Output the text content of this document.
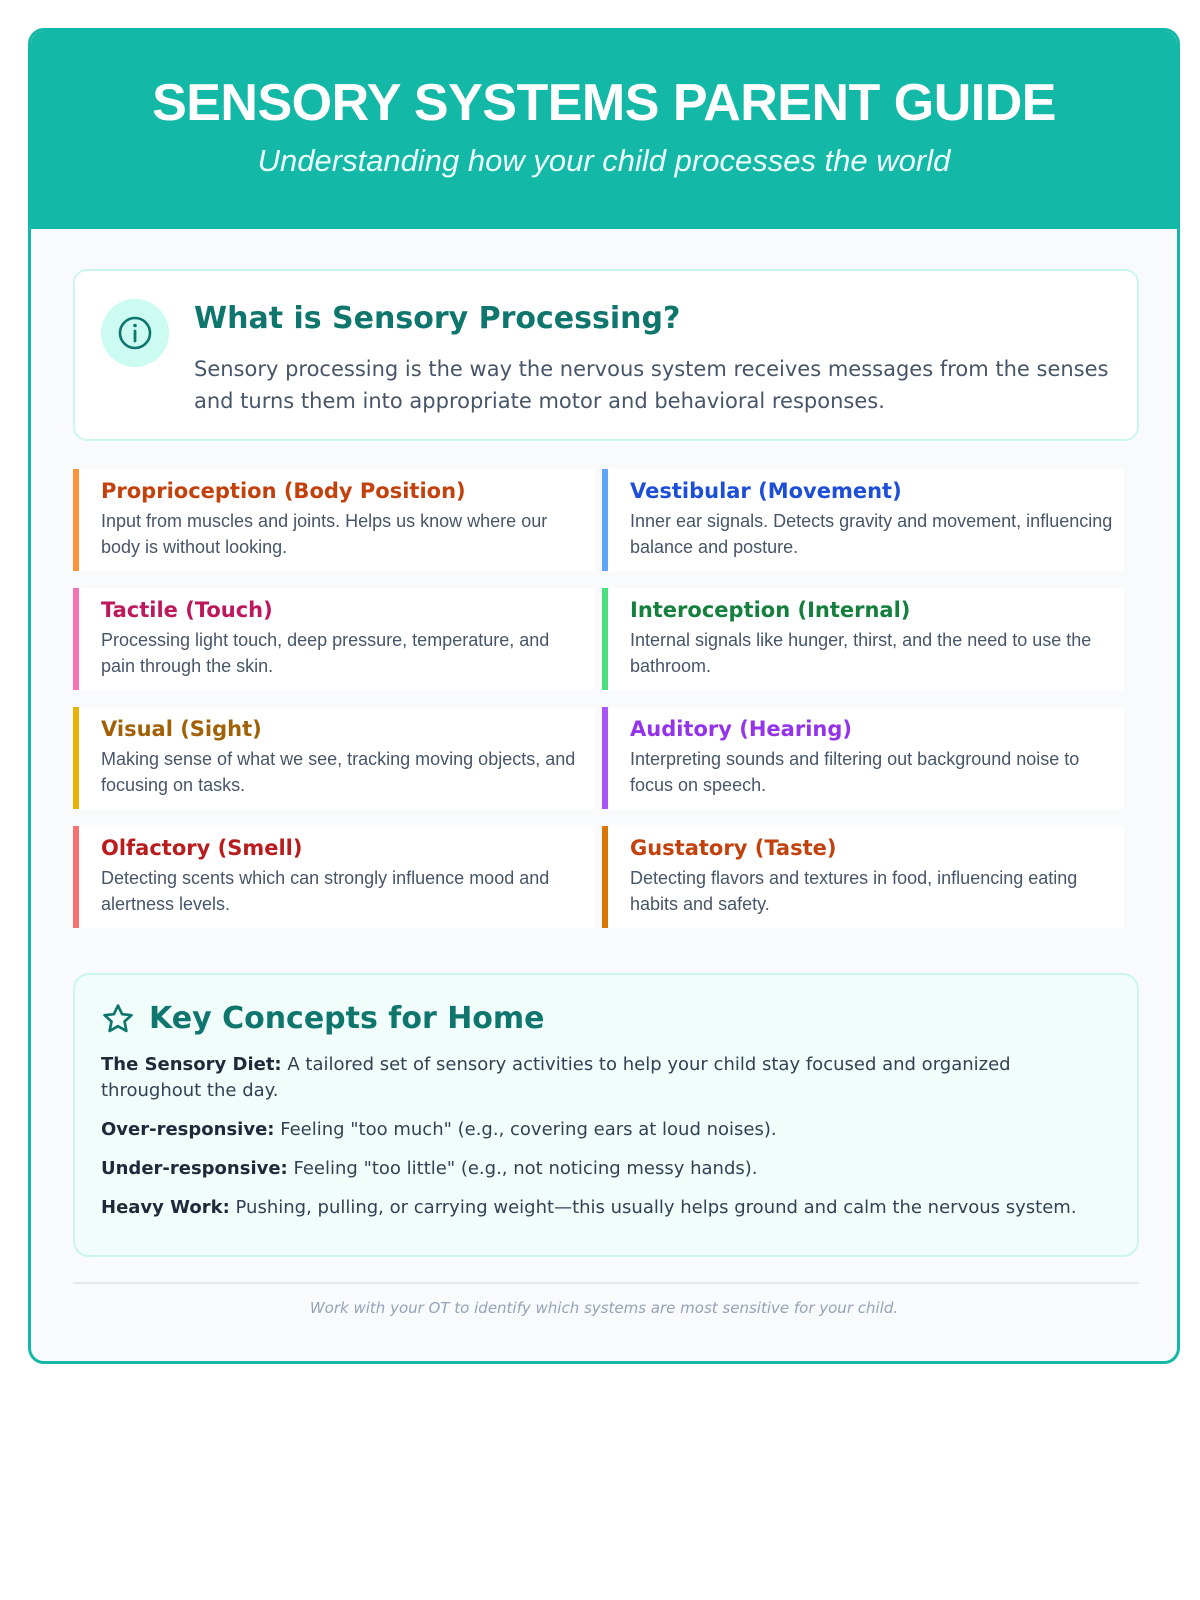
SENSORY SYSTEMS PARENT GUIDE
Understanding how your child processes the world
What is Sensory Processing?

Sensory processing is the way the nervous system receives messages from the senses and turns them into appropriate motor and behavioral responses.

Proprioception (Body Position)
Input from muscles and joints. Helps us know where our body is without looking.
Vestibular (Movement)
Inner ear signals. Detects gravity and movement, influencing balance and posture.
Tactile (Touch)
Processing light touch, deep pressure, temperature, and pain through the skin.
Interoception (Internal)
Internal signals like hunger, thirst, and the need to use the bathroom.
Visual (Sight)
Making sense of what we see, tracking moving objects, and focusing on tasks.
Auditory (Hearing)
Interpreting sounds and filtering out background noise to focus on speech.
Olfactory (Smell)
Detecting scents which can strongly influence mood and alertness levels.
Gustatory (Taste)
Detecting flavors and textures in food, influencing eating habits and safety.
Key Concepts for Home
The Sensory Diet: A tailored set of sensory activities to help your child stay focused and organized throughout the day.
Over-responsive: Feeling "too much" (e.g., covering ears at loud noises).
Under-responsive: Feeling "too little" (e.g., not noticing messy hands).
Heavy Work: Pushing, pulling, or carrying weight—this usually helps ground and calm the nervous system.
Work with your OT to identify which systems are most sensitive for your child.
